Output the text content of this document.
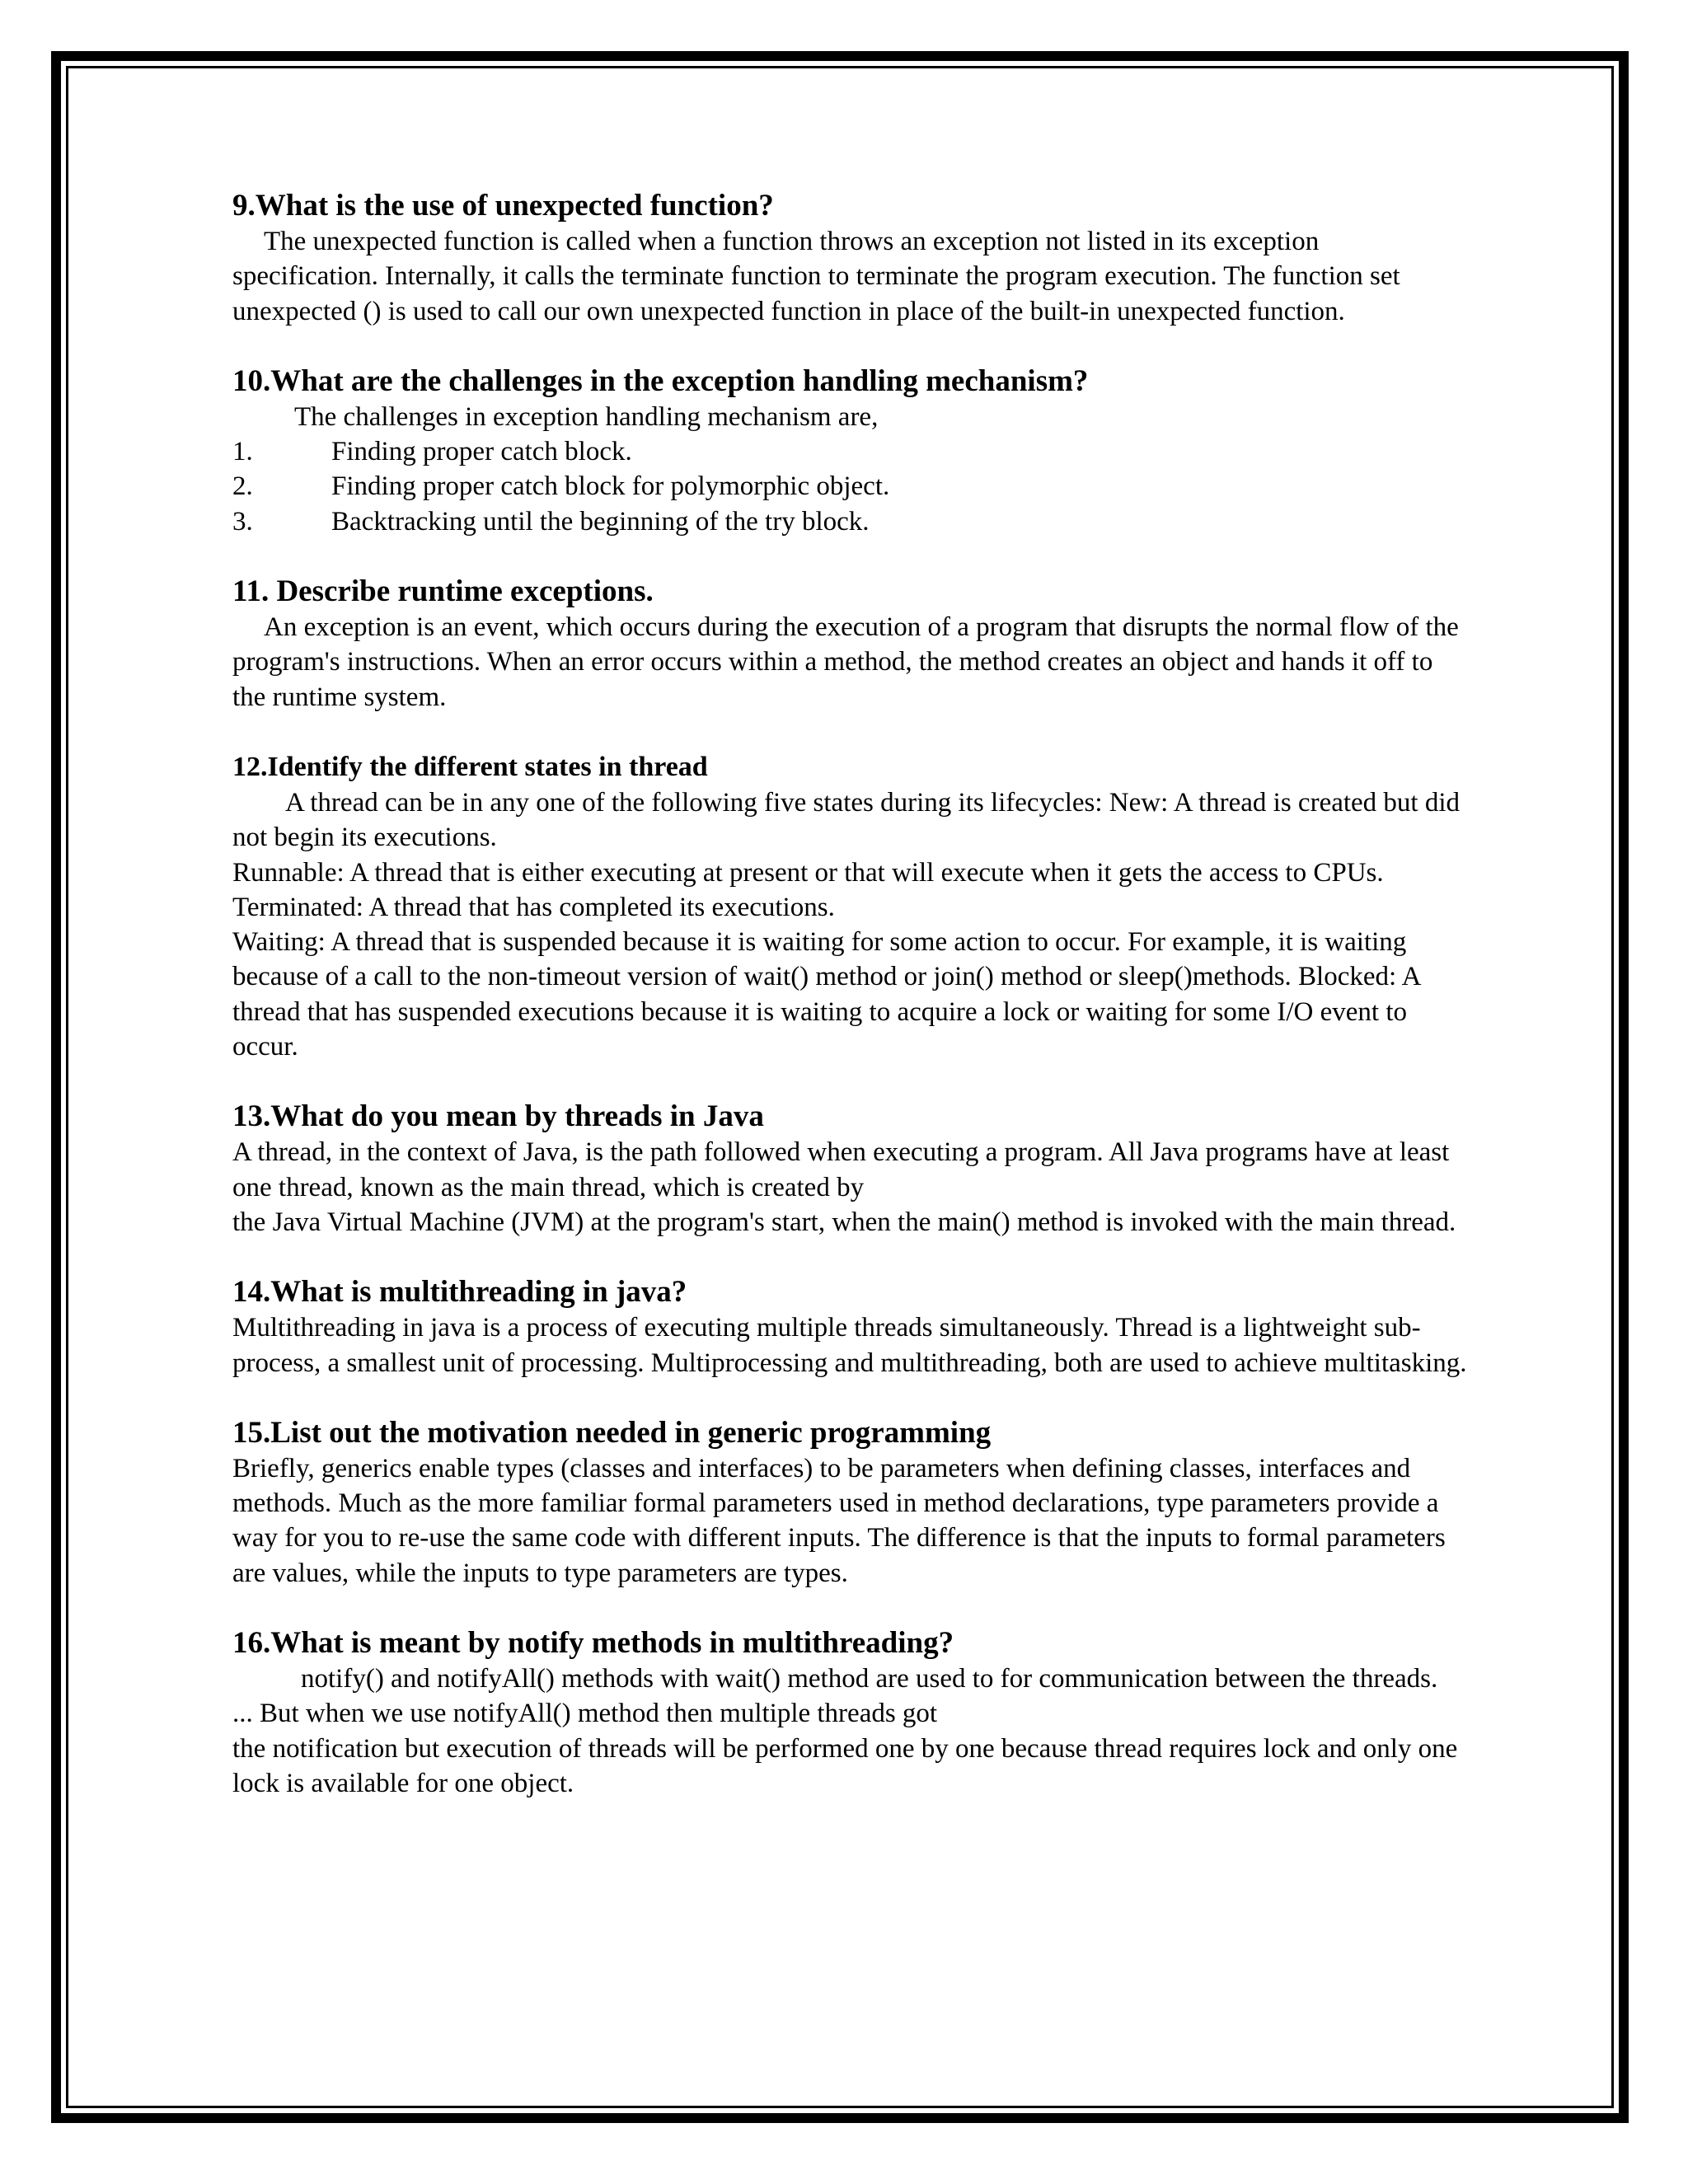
9.What is the use of unexpected function?

The unexpected function is called when a function throws an exception not listed in its exception specification. Internally, it calls the terminate function to terminate the program execution. The function set unexpected () is used to call our own unexpected function in place of the built-in unexpected function.

10.What are the challenges in the exception handling mechanism?

The challenges in exception handling mechanism are,

1.	Finding proper catch block.
2.	Finding proper catch block for polymorphic object.
3.	Backtracking until the beginning of the try block.
11. Describe runtime exceptions.

An exception is an event, which occurs during the execution of a program that disrupts the normal flow of the program's instructions. When an error occurs within a method, the method creates an object and hands it off to the runtime system.

12.Identify the different states in thread

A thread can be in any one of the following five states during its lifecycles: New: A thread is created but did not begin its executions.

Runnable: A thread that is either executing at present or that will execute when it gets the access to CPUs.

Terminated: A thread that has completed its executions.

Waiting: A thread that is suspended because it is waiting for some action to occur. For example, it is waiting because of a call to the non-timeout version of wait() method or join() method or sleep()methods. Blocked: A thread that has suspended executions because it is waiting to acquire a lock or waiting for some I/O event to occur.

13.What do you mean by threads in Java

A thread, in the context of Java, is the path followed when executing a program. All Java programs have at least one thread, known as the main thread, which is created by

the Java Virtual Machine (JVM) at the program's start, when the main() method is invoked with the main thread.

14.What is multithreading in java?

Multithreading in java is a process of executing multiple threads simultaneously. Thread is a lightweight sub-process, a smallest unit of processing. Multiprocessing and multithreading, both are used to achieve multitasking.

15.List out the motivation needed in generic programming

Briefly, generics enable types (classes and interfaces) to be parameters when defining classes, interfaces and methods. Much as the more familiar formal parameters used in method declarations, type parameters provide a way for you to re-use the same code with different inputs. The difference is that the inputs to formal parameters are values, while the inputs to type parameters are types.

16.What is meant by notify methods in multithreading?

notify() and notifyAll() methods with wait() method are used to for communication between the threads.

... But when we use notifyAll() method then multiple threads got

the notification but execution of threads will be performed one by one because thread requires lock and only one lock is available for one object.
